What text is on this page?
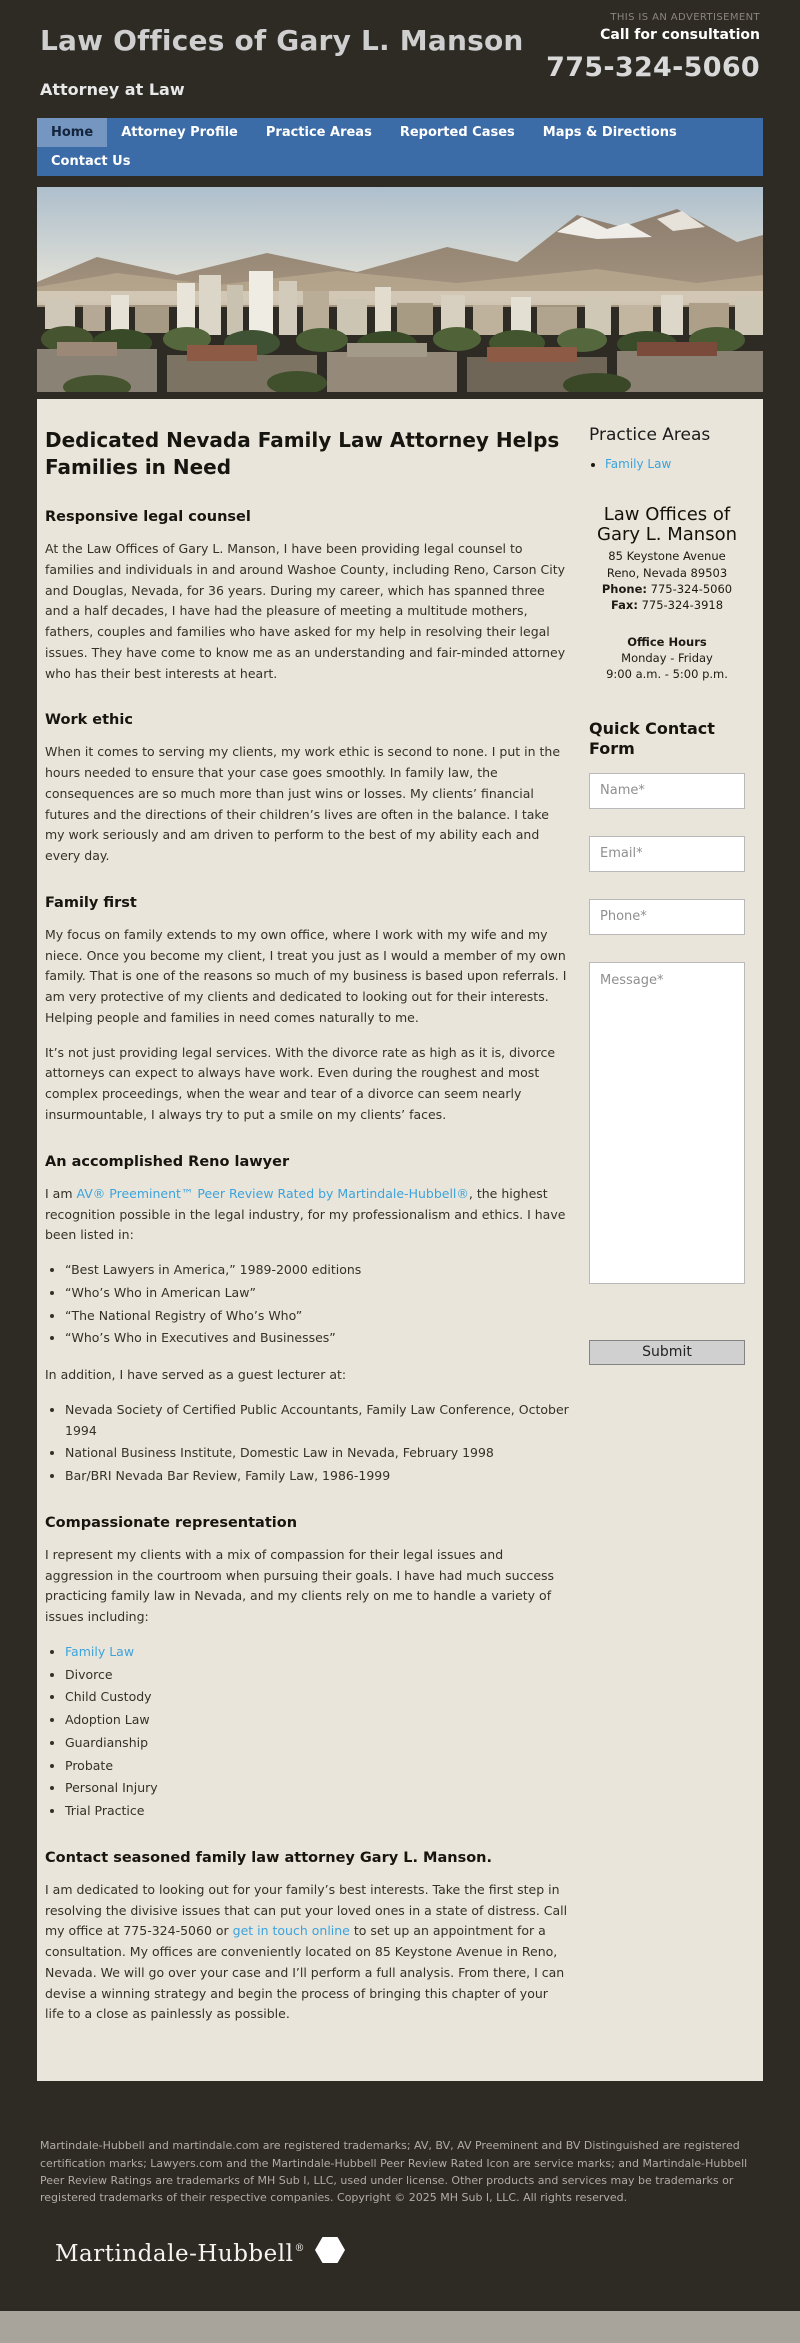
Law Offices of Gary L. Manson
Attorney at Law
THIS IS AN ADVERTISEMENT
Call for consultation
775-324-5060
Home	Attorney Profile	Practice Areas	Reported Cases	Maps & Directions
Contact Us
Dedicated Nevada Family Law Attorney Helps Families in Need
Responsive legal counsel

At the Law Offices of Gary L. Manson, I have been providing legal counsel to families and individuals in and around Washoe County, including Reno, Carson City and Douglas, Nevada, for 36 years. During my career, which has spanned three and a half decades, I have had the pleasure of meeting a multitude mothers, fathers, couples and families who have asked for my help in resolving their legal issues. They have come to know me as an understanding and fair-minded attorney who has their best interests at heart.

Work ethic

When it comes to serving my clients, my work ethic is second to none. I put in the hours needed to ensure that your case goes smoothly. In family law, the consequences are so much more than just wins or losses. My clients’ financial futures and the directions of their children’s lives are often in the balance. I take my work seriously and am driven to perform to the best of my ability each and every day.

Family first

My focus on family extends to my own office, where I work with my wife and my niece. Once you become my client, I treat you just as I would a member of my own family. That is one of the reasons so much of my business is based upon referrals. I am very protective of my clients and dedicated to looking out for their interests. Helping people and families in need comes naturally to me.

It’s not just providing legal services. With the divorce rate as high as it is, divorce attorneys can expect to always have work. Even during the roughest and most complex proceedings, when the wear and tear of a divorce can seem nearly insurmountable, I always try to put a smile on my clients’ faces.

An accomplished Reno lawyer

I am AV® Preeminent™ Peer Review Rated by Martindale-Hubbell®, the highest recognition possible in the legal industry, for my professionalism and ethics. I have been listed in:

• “Best Lawyers in America,” 1989-2000 editions
• “Who’s Who in American Law”
• “The National Registry of Who’s Who”
• “Who’s Who in Executives and Businesses”

In addition, I have served as a guest lecturer at:

• Nevada Society of Certified Public Accountants, Family Law Conference, October 1994
• National Business Institute, Domestic Law in Nevada, February 1998
• Bar/BRI Nevada Bar Review, Family Law, 1986-1999
Compassionate representation

I represent my clients with a mix of compassion for their legal issues and aggression in the courtroom when pursuing their goals. I have had much success practicing family law in Nevada, and my clients rely on me to handle a variety of issues including:

• Family Law
• Divorce
• Child Custody
• Adoption Law
• Guardianship
• Probate
• Personal Injury
• Trial Practice
Contact seasoned family law attorney Gary L. Manson.

I am dedicated to looking out for your family’s best interests. Take the first step in resolving the divisive issues that can put your loved ones in a state of distress. Call my office at 775-324-5060 or get in touch online to set up an appointment for a consultation. My offices are conveniently located on 85 Keystone Avenue in Reno, Nevada. We will go over your case and I’ll perform a full analysis. From there, I can devise a winning strategy and begin the process of bringing this chapter of your life to a close as painlessly as possible.

Practice Areas
• Family Law
Law Offices of
Gary L. Manson
85 Keystone Avenue
Reno, Nevada 89503
Phone: 775-324-5060
Fax: 775-324-3918
Office Hours
Monday - Friday
9:00 a.m. - 5:00 p.m.
Quick Contact Form
Name* Email* Phone* Message*
Submit
Martindale-Hubbell and martindale.com are registered trademarks; AV, BV, AV Preeminent and BV Distinguished are registered certification marks; Lawyers.com and the Martindale-Hubbell Peer Review Rated Icon are service marks; and Martindale-Hubbell Peer Review Ratings are trademarks of MH Sub I, LLC, used under license. Other products and services may be trademarks or registered trademarks of their respective companies. Copyright © 2025 MH Sub I, LLC. All rights reserved.
Martindale-Hubbell®
